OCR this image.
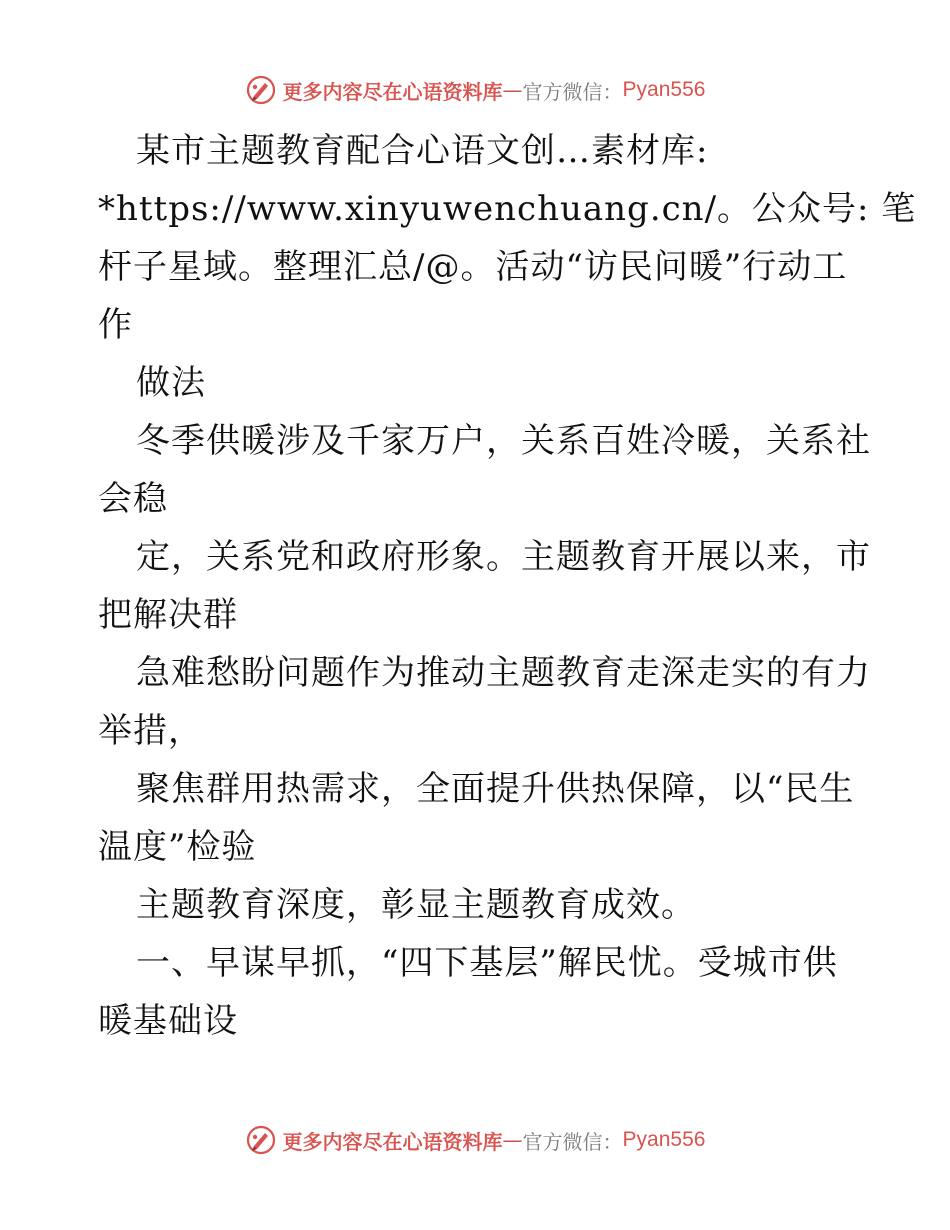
更多内容尽在心语资料库 — 官方微信： Pyan556
某市主题教育配合心语文创…素材库:
*https://www.xinyuwenchuang.cn/。公众号: 笔
杆子星域。整理汇总/@。活动“访民问暖”行动工
作
做法
冬季供暖涉及千家万户，关系百姓冷暖，关系社
会稳
定，关系党和政府形象。主题教育开展以来，市
把解决群
急难愁盼问题作为推动主题教育走深走实的有力
举措，
聚焦群用热需求，全面提升供热保障，以“民生
温度”检验
主题教育深度，彰显主题教育成效。
一、早谋早抓，“四下基层”解民忧。受城市供
暖基础设
更多内容尽在心语资料库 — 官方微信： Pyan556
